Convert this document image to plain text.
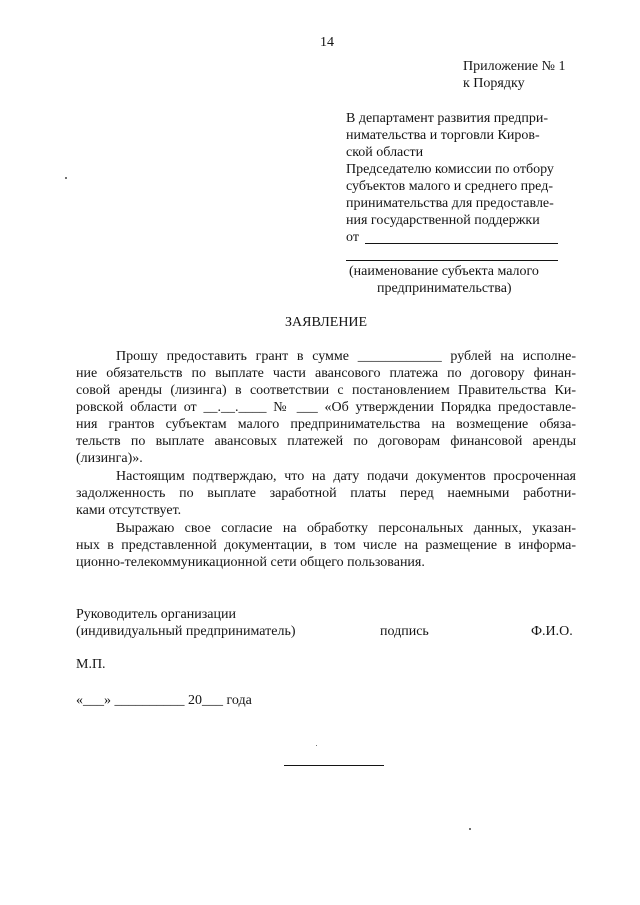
14
Приложение № 1
к Порядку
В департамент развития предпри-
нимательства и торговли Киров-
ской области
Председателю комиссии по отбору
субъектов малого и среднего пред-
принимательства для предоставле-
ния государственной поддержки
от
(наименование субъекта малого
предпринимательства)
ЗАЯВЛЕНИЕ
Прошу предоставить грант в сумме ____________ рублей на исполне-
ние обязательств по выплате части авансового платежа по договору финан-
совой аренды (лизинга) в соответствии с постановлением Правительства Ки-
ровской области от __.__.____ № ___ «Об утверждении Порядка предоставле-
ния грантов субъектам малого предпринимательства на возмещение обяза-
тельств по выплате авансовых платежей по договорам финансовой аренды
(лизинга)».
Настоящим подтверждаю, что на дату подачи документов просроченная
задолженность по выплате заработной платы перед наемными работни-
ками отсутствует.
Выражаю свое согласие на обработку персональных данных, указан-
ных в представленной документации, в том числе на размещение в информа-
ционно-телекоммуникационной сети общего пользования.
Руководитель организации
(индивидуальный предприниматель)	подпись	Ф.И.О.
М.П.
«___» __________ 20___ года
